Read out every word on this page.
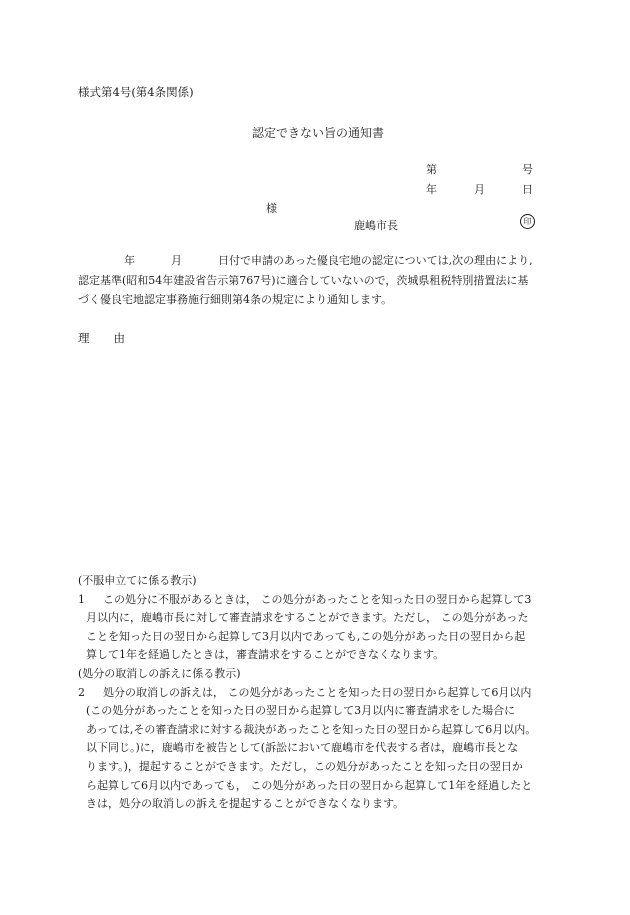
様式第4号(第4条関係)
認定できない旨の通知書
第	号
年	月	日
様
鹿嶋市長	印
年	月	日付で申請のあった優良宅地の認定については,次の理由により,
認定基準(昭和54年建設省告示第767号)に適合していないので，茨城県租税特別措置法に基
づく優良宅地認定事務施行細則第4条の規定により通知します。
理 由
(不服申立てに係る教示)
1 この処分に不服があるときは， この処分があったことを知った日の翌日から起算して3
月以内に，鹿嶋市長に対して審査請求をすることができます。ただし， この処分があった
ことを知った日の翌日から起算して3月以内であっても,この処分があった日の翌日から起
算して1年を経過したときは，審査請求をすることができなくなります。
(処分の取消しの訴えに係る教示)
2 処分の取消しの訴えは， この処分があったことを知った日の翌日から起算して6月以内
(この処分があったことを知った日の翌日から起算して3月以内に審査請求をした場合に
あっては,その審査請求に対する裁決があったことを知った日の翌日から起算して6月以内。
以下同じ。)に，鹿嶋市を被告として(訴訟において鹿嶋市を代表する者は，鹿嶋市長とな
ります。)，提起することができます。ただし，この処分があったことを知った日の翌日か
ら起算して6月以内であっても， この処分があった日の翌日から起算して1年を経過したと
きは，処分の取消しの訴えを提起することができなくなります。
